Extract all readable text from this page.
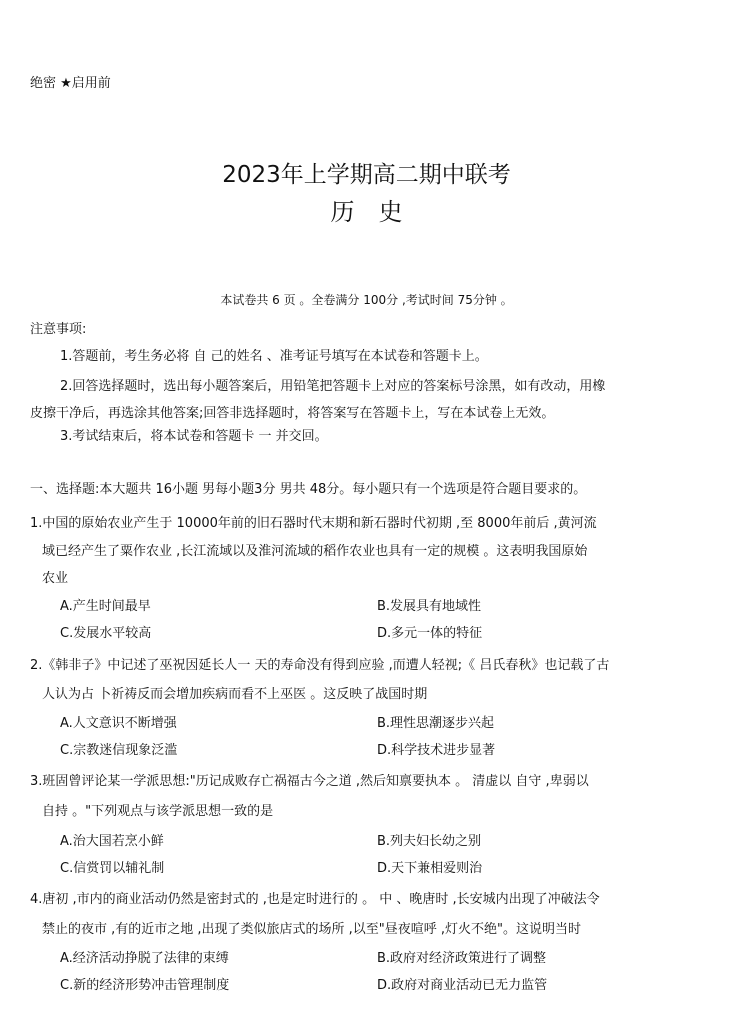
绝密 ★启用前
2023年上学期高二期中联考
历史
本试卷共 6 页 。全卷满分 100分 ,考试时间 75分钟 。
注意事项:
1.答题前，考生务必将 自 己的姓名 、准考证号填写在本试卷和答题卡上。
2.回答选择题时，选出每小题答案后，用铅笔把答题卡上对应的答案标号涂黑，如有改动，用橡
皮擦干净后，再选涂其他答案;回答非选择题时，将答案写在答题卡上，写在本试卷上无效。
3.考试结束后，将本试卷和答题卡 一 并交回。
一、选择题:本大题共 16小题 男每小题3分 男共 48分。每小题只有一个选项是符合题目要求的。
1.中国的原始农业产生于 10000年前的旧石器时代末期和新石器时代初期 ,至 8000年前后 ,黄河流
域已经产生了粟作农业 ,长江流域以及淮河流域的稻作农业也具有一定的规模 。这表明我国原始
农业
A.产生时间最早	B.发展具有地域性
C.发展水平较高	D.多元一体的特征
2.《韩非子》中记述了巫祝因延长人一 天的寿命没有得到应验 ,而遭人轻视;《 吕氏春秋》也记载了古
人认为占 卜祈祷反而会增加疾病而看不上巫医 。这反映了战国时期
A.人文意识不断增强	B.理性思潮逐步兴起
C.宗教迷信现象泛滥	D.科学技术进步显著
3.班固曾评论某一学派思想:"历记成败存亡祸福古今之道 ,然后知禀要执本 。 清虚以 自守 ,卑弱以
自持 。"下列观点与该学派思想一致的是
A.治大国若烹小鲜	B.列夫妇长幼之别
C.信赏罚以辅礼制	D.天下兼相爱则治
4.唐初 ,市内的商业活动仍然是密封式的 ,也是定时进行的 。 中 、晚唐时 ,长安城内出现了冲破法令
禁止的夜市 ,有的近市之地 ,出现了类似旅店式的场所 ,以至"昼夜喧呼 ,灯火不绝"。这说明当时
A.经济活动挣脱了法律的束缚	B.政府对经济政策进行了调整
C.新的经济形势冲击管理制度	D.政府对商业活动已无力监管
